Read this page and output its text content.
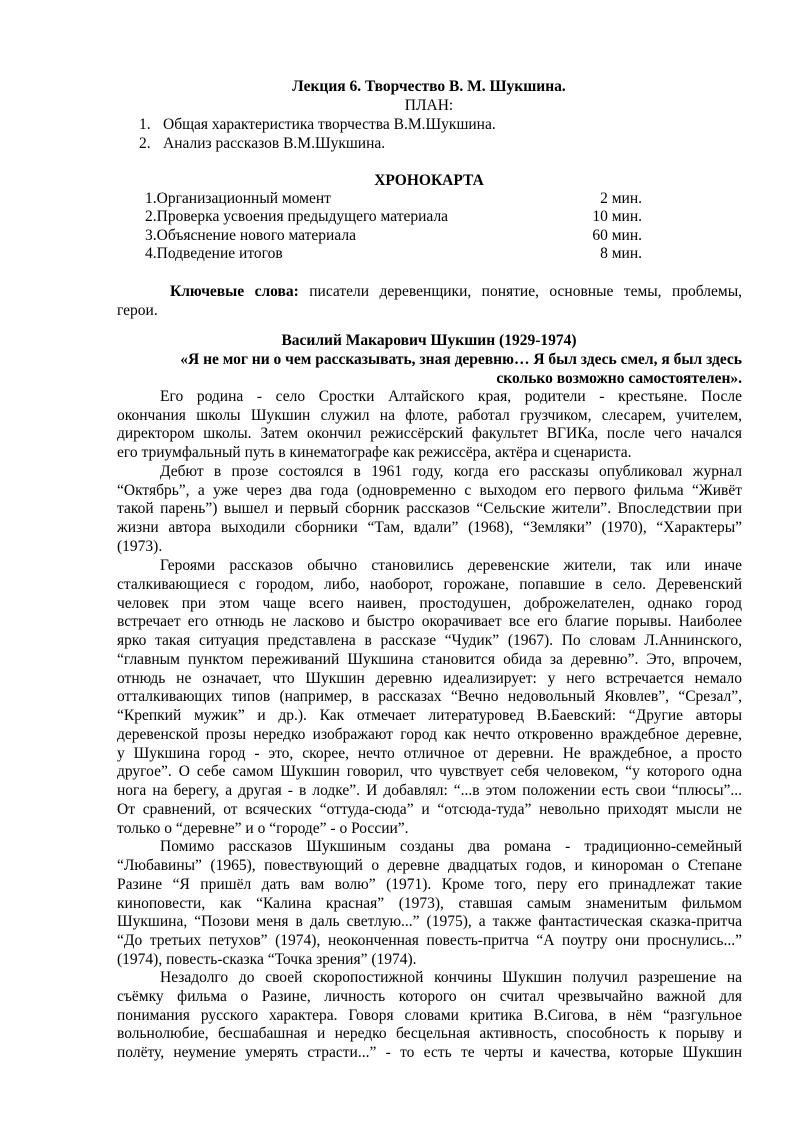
Лекция 6. Творчество В. М. Шукшина.
ПЛАН:
1. Общая характеристика творчества В.М.Шукшина.
2. Анализ рассказов В.М.Шукшина.
ХРОНОКАРТА
1.Организационный момент	2 мин.
2.Проверка усвоения предыдущего материала	10 мин.
3.Объяснение нового материала	60 мин.
4.Подведение итогов	8 мин.
Ключевые слова: писатели деревенщики, понятие, основные темы, проблемы,
герои.
Василий Макарович Шукшин (1929-1974)
«Я не мог ни о чем рассказывать, зная деревню… Я был здесь смел, я был здесь
сколько возможно самостоятелен».
Его родина - село Сростки Алтайского края, родители - крестьяне. После
окончания школы Шукшин служил на флоте, работал грузчиком, слесарем, учителем,
директором школы. Затем окончил режиссёрский факультет ВГИКа, после чего начался
его триумфальный путь в кинематографе как режиссёра, актёра и сценариста.
Дебют в прозе состоялся в 1961 году, когда его рассказы опубликовал журнал
“Октябрь”, а уже через два года (одновременно с выходом его первого фильма “Живёт
такой парень”) вышел и первый сборник рассказов “Сельские жители”. Впоследствии при
жизни автора выходили сборники “Там, вдали” (1968), “Земляки” (1970), “Характеры”
(1973).
Героями рассказов обычно становились деревенские жители, так или иначе
сталкивающиеся с городом, либо, наоборот, горожане, попавшие в село. Деревенский
человек при этом чаще всего наивен, простодушен, доброжелателен, однако город
встречает его отнюдь не ласково и быстро окорачивает все его благие порывы. Наиболее
ярко такая ситуация представлена в рассказе “Чудик” (1967). По словам Л.Аннинского,
“главным пунктом переживаний Шукшина становится обида за деревню”. Это, впрочем,
отнюдь не означает, что Шукшин деревню идеализирует: у него встречается немало
отталкивающих типов (например, в рассказах “Вечно недовольный Яковлев”, “Срезал”,
“Крепкий мужик” и др.). Как отмечает литературовед В.Баевский: “Другие авторы
деревенской прозы нередко изображают город как нечто откровенно враждебное деревне,
у Шукшина город - это, скорее, нечто отличное от деревни. Не враждебное, а просто
другое”. О себе самом Шукшин говорил, что чувствует себя человеком, “у которого одна
нога на берегу, а другая - в лодке”. И добавлял: “...в этом положении есть свои “плюсы”...
От сравнений, от всяческих “оттуда-сюда” и “отсюда-туда” невольно приходят мысли не
только о “деревне” и о “городе” - о России”.
Помимо рассказов Шукшиным созданы два романа - традиционно-семейный
“Любавины” (1965), повествующий о деревне двадцатых годов, и кинороман о Степане
Разине “Я пришёл дать вам волю” (1971). Кроме того, перу его принадлежат такие
киноповести, как “Калина красная” (1973), ставшая самым знаменитым фильмом
Шукшина, “Позови меня в даль светлую...” (1975), а также фантастическая сказка-притча
“До третьих петухов” (1974), неоконченная повесть-притча “А поутру они проснулись...”
(1974), повесть-сказка “Точка зрения” (1974).
Незадолго до своей скоропостижной кончины Шукшин получил разрешение на
съёмку фильма о Разине, личность которого он считал чрезвычайно важной для
понимания русского характера. Говоря словами критика В.Сигова, в нём “разгульное
вольнолюбие, бесшабашная и нередко бесцельная активность, способность к порыву и
полёту, неумение умерять страсти...” - то есть те черты и качества, которые Шукшин
